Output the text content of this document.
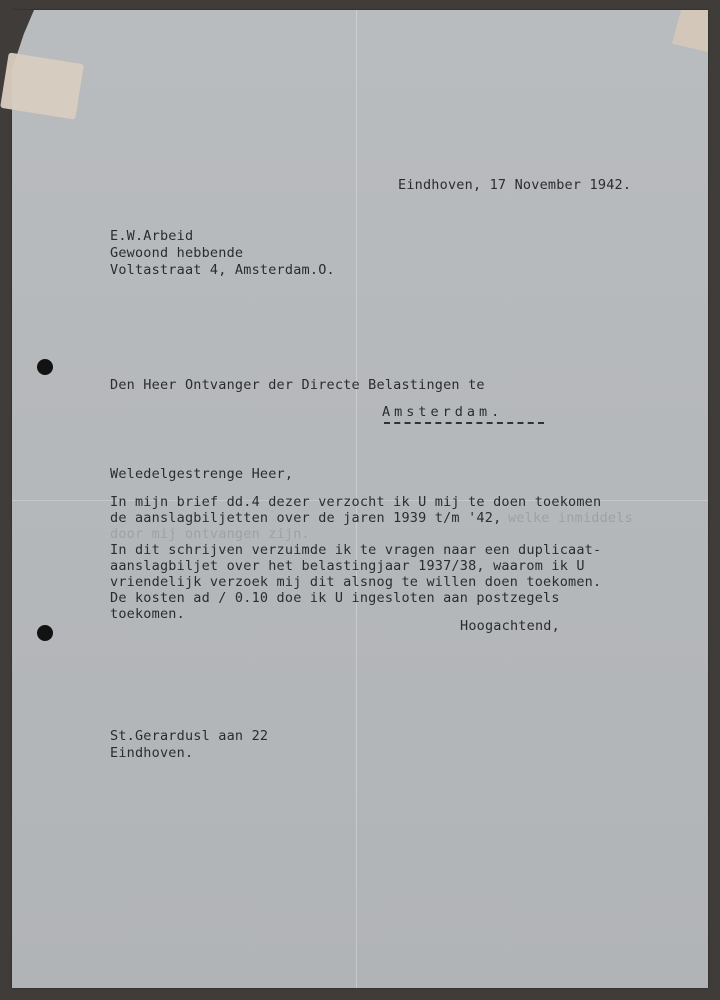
Eindhoven, 17 November 1942.

E.W.Arbeid

Gewoond hebbende

Voltastraat 4, Amsterdam.O.

Den Heer Ontvanger der Directe Belastingen te

Amsterdam.

Weledelgestrenge Heer,

In mijn brief dd.4 dezer verzocht ik U mij te doen toekomen

de aanslagbiljetten over de jaren 1939 t/m '42, welke inmiddels

door mij ontvangen zijn.

In dit schrijven verzuimde ik te vragen naar een duplicaat-

aanslagbiljet over het belastingjaar 1937/38, waarom ik U

vriendelijk verzoek mij dit alsnog te willen doen toekomen.

De kosten ad / 0.10 doe ik U ingesloten aan postzegels

toekomen.

Hoogachtend,

St.Gerardusl aan 22

Eindhoven.
